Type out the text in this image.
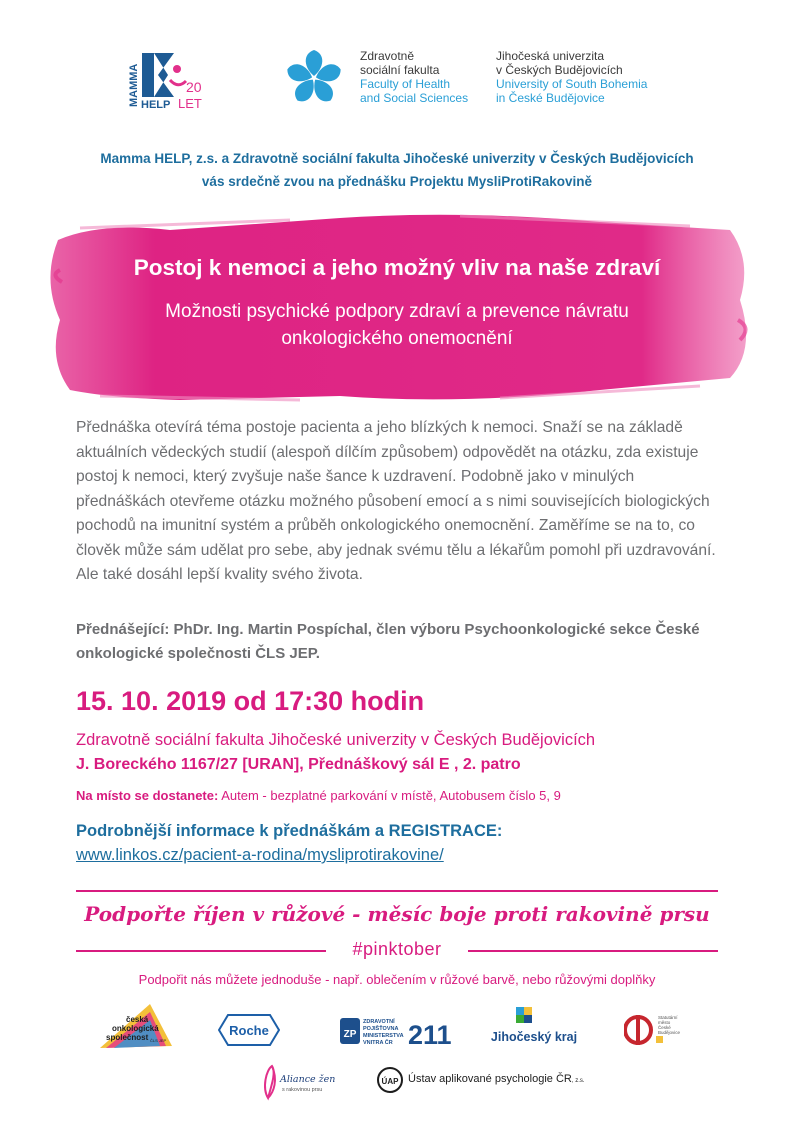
MAMMA HELP
20
LET
Zdravotně
sociální fakulta
Faculty of Health
and Social Sciences
Jihočeská univerzita
v Českých Budějovicích
University of South Bohemia
in České Budějovice
Mamma HELP, z.s. a Zdravotně sociální fakulta Jihočeské univerzity v Českých Budějovicích
vás srdečně zvou na přednášku Projektu MysliProtiRakovině
Postoj k nemoci a jeho možný vliv na naše zdraví
Možnosti psychické podpory zdraví a prevence návratu onkologického onemocnění
Přednáška otevírá téma postoje pacienta a jeho blízkých k nemoci. Snaží se na základě aktuálních vědeckých studií (alespoň dílčím způsobem) odpovědět na otázku, zda existuje postoj k nemoci, který zvyšuje naše šance k uzdravení. Podobně jako v minulých přednáškách otevřeme otázku možného působení emocí a s nimi souvisejících biologických pochodů na imunitní systém a průběh onkologického onemocnění. Zaměříme se na to, co člověk může sám udělat pro sebe, aby jednak svému tělu a lékařům pomohl při uzdravování. Ale také dosáhl lepší kvality svého života.
Přednášející: PhDr. Ing. Martin Pospíchal, člen výboru Psychoonkologické sekce České onkologické společnosti ČLS JEP.
15. 10. 2019 od 17:30 hodin
Zdravotně sociální fakulta Jihočeské univerzity v Českých Budějovicích
J. Boreckého 1167/27 [URAN], Přednáškový sál E , 2. patro
Na místo se dostanete: Autem - bezplatné parkování v místě, Autobusem číslo 5, 9
Podrobnější informace k přednáškám a REGISTRACE:
www.linkos.cz/pacient-a-rodina/mysliprotirakovine/
Podpořte říjen v růžové - měsíc boje proti rakovině prsu
#pinktober
Podpořit nás můžete jednoduše - např. oblečením v růžové barvě, nebo růžovými doplňky
česká
onkologická
společnost ČLS JEP
Roche	ZP
ZDRAVOTNÍ
POJIŠŤOVNA
MINISTERSTVA
VNITRA ČR 211	Jihočeský kraj
Statutární
město
České
Budějovice
Aliance žen
s rakovinou prsu
ÚAP Ústav aplikované psychologie ČR, z.s.
